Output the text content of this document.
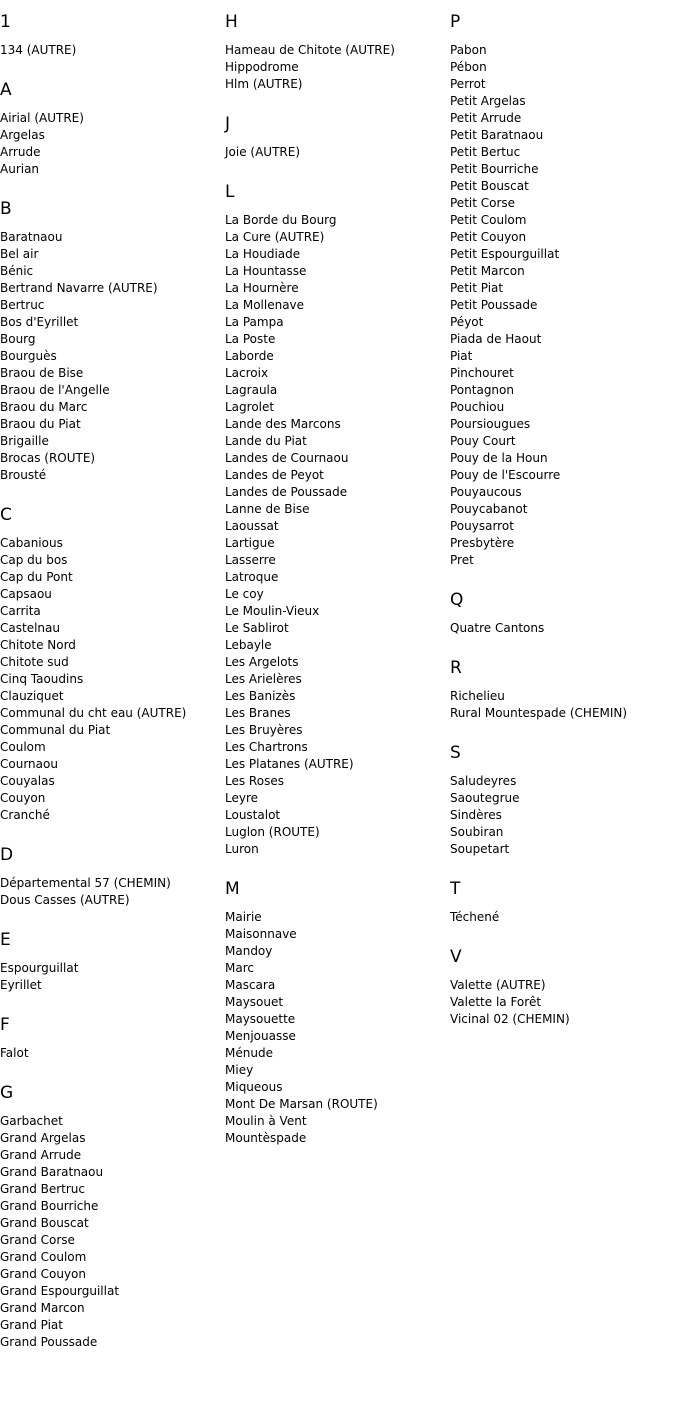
1
134 (AUTRE)
A
Airial (AUTRE)
Argelas
Arrude
Aurian
B
Baratnaou
Bel air
Bénic
Bertrand Navarre (AUTRE)
Bertruc
Bos d'Eyrillet
Bourg
Bourguès
Braou de Bise
Braou de l'Angelle
Braou du Marc
Braou du Piat
Brigaille
Brocas (ROUTE)
Brousté
C
Cabanious
Cap du bos
Cap du Pont
Capsaou
Carrita
Castelnau
Chitote Nord
Chitote sud
Cinq Taoudins
Clauziquet
Communal du cht eau (AUTRE)
Communal du Piat
Coulom
Cournaou
Couyalas
Couyon
Cranché
D
Départemental 57 (CHEMIN)
Dous Casses (AUTRE)
E
Espourguillat
Eyrillet
F
Falot
G
Garbachet
Grand Argelas
Grand Arrude
Grand Baratnaou
Grand Bertruc
Grand Bourriche
Grand Bouscat
Grand Corse
Grand Coulom
Grand Couyon
Grand Espourguillat
Grand Marcon
Grand Piat
Grand Poussade
H
Hameau de Chitote (AUTRE)
Hippodrome
Hlm (AUTRE)
J
Joie (AUTRE)
L
La Borde du Bourg
La Cure (AUTRE)
La Houdiade
La Hountasse
La Hournère
La Mollenave
La Pampa
La Poste
Laborde
Lacroix
Lagraula
Lagrolet
Lande des Marcons
Lande du Piat
Landes de Cournaou
Landes de Peyot
Landes de Poussade
Lanne de Bise
Laoussat
Lartigue
Lasserre
Latroque
Le coy
Le Moulin-Vieux
Le Sablirot
Lebayle
Les Argelots
Les Arielères
Les Banizès
Les Branes
Les Bruyères
Les Chartrons
Les Platanes (AUTRE)
Les Roses
Leyre
Loustalot
Luglon (ROUTE)
Luron
M
Mairie
Maisonnave
Mandoy
Marc
Mascara
Maysouet
Maysouette
Menjouasse
Ménude
Miey
Miqueous
Mont De Marsan (ROUTE)
Moulin à Vent
Mountèspade
P
Pabon
Pébon
Perrot
Petit Argelas
Petit Arrude
Petit Baratnaou
Petit Bertuc
Petit Bourriche
Petit Bouscat
Petit Corse
Petit Coulom
Petit Couyon
Petit Espourguillat
Petit Marcon
Petit Piat
Petit Poussade
Péyot
Piada de Haout
Piat
Pinchouret
Pontagnon
Pouchiou
Poursiougues
Pouy Court
Pouy de la Houn
Pouy de l'Escourre
Pouyaucous
Pouycabanot
Pouysarrot
Presbytère
Pret
Q
Quatre Cantons
R
Richelieu
Rural Mountespade (CHEMIN)
S
Saludeyres
Saoutegrue
Sindères
Soubiran
Soupetart
T
Téchené
V
Valette (AUTRE)
Valette la Forêt
Vicinal 02 (CHEMIN)
